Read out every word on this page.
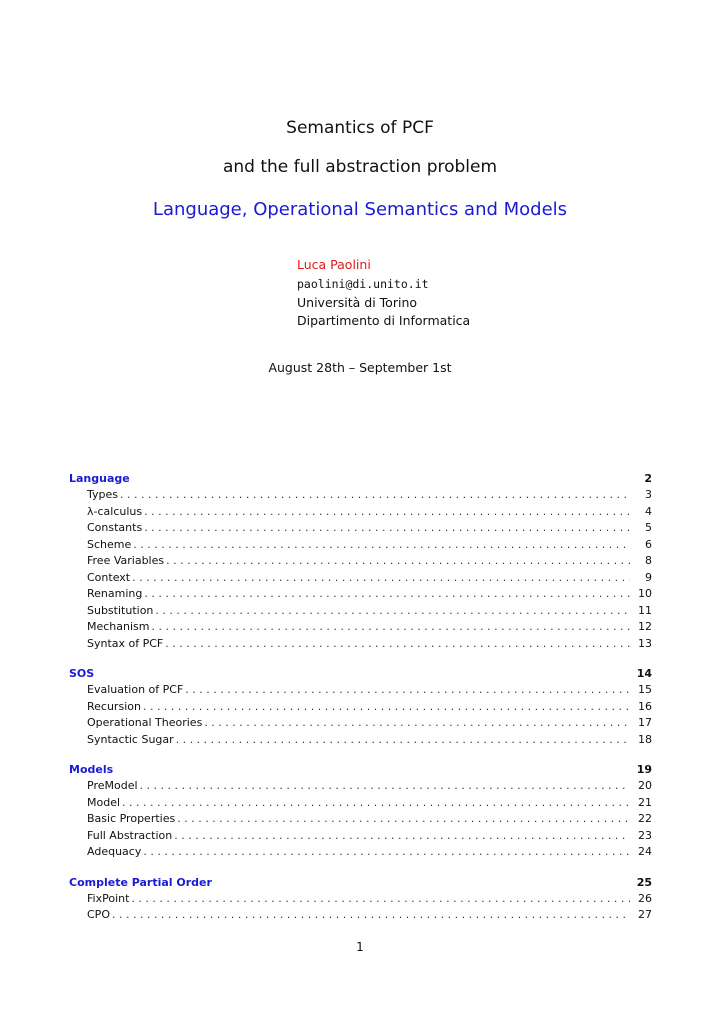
Semantics of PCF
and the full abstraction problem
Language, Operational Semantics and Models
Luca Paolini
paolini@di.unito.it
Università di Torino
Dipartimento di Informatica
August 28th – September 1st
Language	2
Types . . .	3
λ-calculus . . .	4
Constants . . .	5
Scheme . . .	6
Free Variables . . .	8
Context . . .	9
Renaming . . .	10
Substitution . . .	11
Mechanism . . .	12
Syntax of PCF . . .	13
SOS	14
Evaluation of PCF . . .	15
Recursion . . .	16
Operational Theories . . .	17
Syntactic Sugar . . .	18
Models	19
PreModel . . .	20
Model . . .	21
Basic Properties . . .	22
Full Abstraction . . .	23
Adequacy . . .	24
Complete Partial Order	25
FixPoint . . .	26
CPO . . .	27
1
